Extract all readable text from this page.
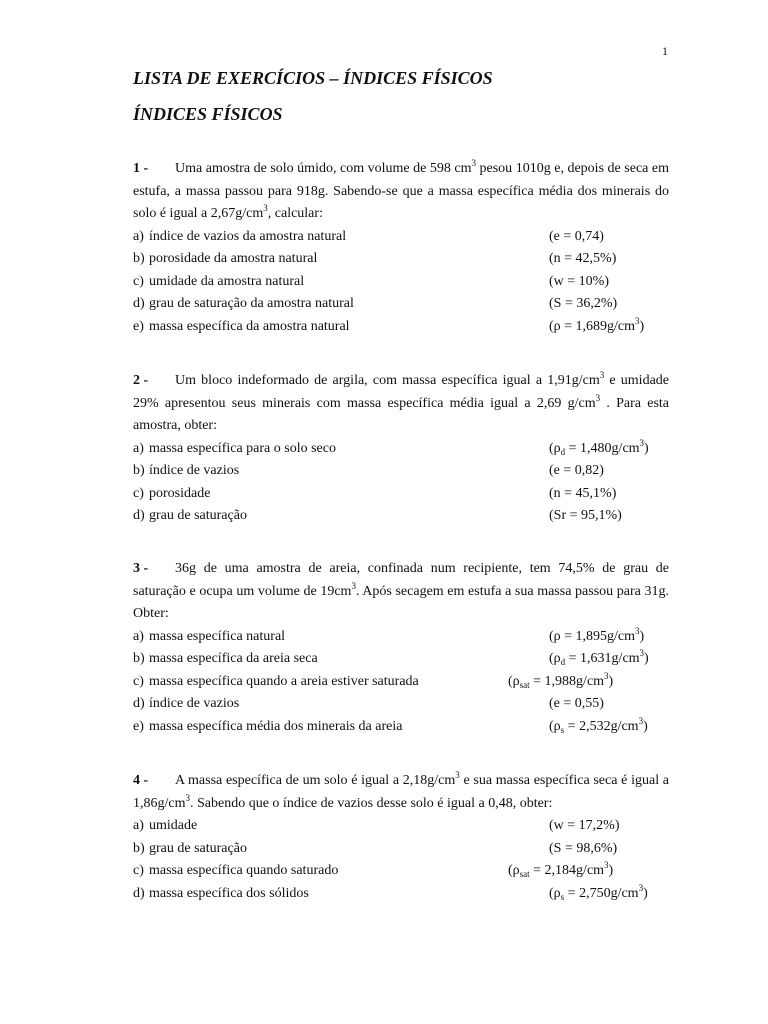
1
LISTA DE EXERCÍCIOS – ÍNDICES FÍSICOS
ÍNDICES FÍSICOS
1 - Uma amostra de solo úmido, com volume de 598 $cm^3$ pesou 1010g e, depois de seca em estufa, a massa passou para 918g. Sabendo-se que a massa específica média dos minerais do solo é igual a $2,67g/cm^3$, calcular:
a) índice de vazios da amostra natural	(e = 0,74)
b) porosidade da amostra natural	(n = 42,5%)
c) umidade da amostra natural	(w = 10%)
d) grau de saturação da amostra natural	(S = 36,2%)
e) massa específica da amostra natural	$(\rho = 1,689g/cm^3)$
2 - Um bloco indeformado de argila, com massa específica igual a $1,91g/cm^3$ e umidade 29% apresentou seus minerais com massa específica média igual a 2,69 $g/cm^3$ . Para esta amostra, obter:
a) massa específica para o solo seco	$(\rho_d = 1,480g/cm^3)$
b) índice de vazios	(e = 0,82)
c) porosidade	(n = 45,1%)
d) grau de saturação	(Sr = 95,1%)
3 - 36g de uma amostra de areia, confinada num recipiente, tem 74,5% de grau de saturação e ocupa um volume de $19cm^3$. Após secagem em estufa a sua massa passou para 31g. Obter:
a) massa específica natural	$(\rho = 1,895g/cm^3)$
b) massa específica da areia seca	$(\rho_d = 1,631g/cm^3)$
c) massa específica quando a areia estiver saturada	$(\rho_{sat} = 1,988g/cm^3)$
d) índice de vazios	(e = 0,55)
e) massa específica média dos minerais da areia	$(\rho_s = 2,532g/cm^3)$
4 - A massa específica de um solo é igual a $2,18g/cm^3$ e sua massa específica seca é igual a $1,86g/cm^3$. Sabendo que o índice de vazios desse solo é igual a 0,48, obter:
a) umidade	(w = 17,2%)
b) grau de saturação	(S = 98,6%)
c) massa específica quando saturado	$(\rho_{sat} = 2,184g/cm^3)$
d) massa específica dos sólidos	$(\rho_s = 2,750g/cm^3)$
